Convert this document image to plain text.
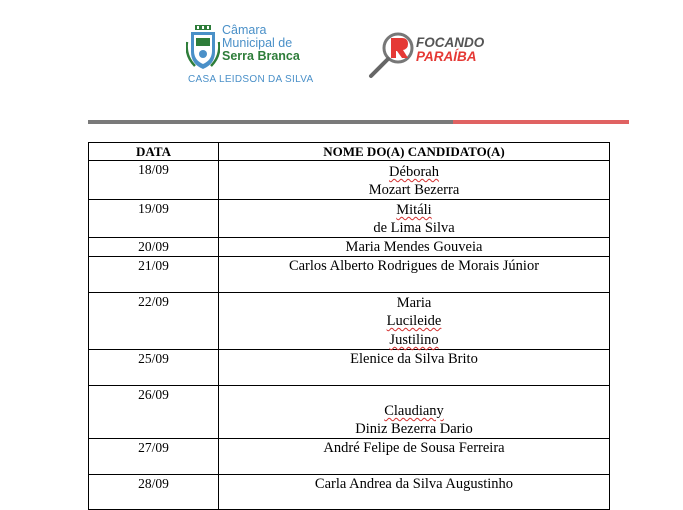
Câmara
Municipal de
Serra Branca
CASA LEIDSON DA SILVA
FOCANDO
PARAÍBA
DATA	NOME DO(A) CANDIDATO(A)

18/09	Déborah
Mozart Bezerra

19/09	Mitáli
de Lima Silva

20/09	Maria Mendes Gouveia

21/09	Carlos Alberto Rodrigues de Morais Júnior

22/09	Maria
Lucileide
Justilino

25/09	Elenice da Silva Brito

26/09	Claudiany
Diniz Bezerra Dario

27/09	André Felipe de Sousa Ferreira

28/09	Carla Andrea da Silva Augustinho
